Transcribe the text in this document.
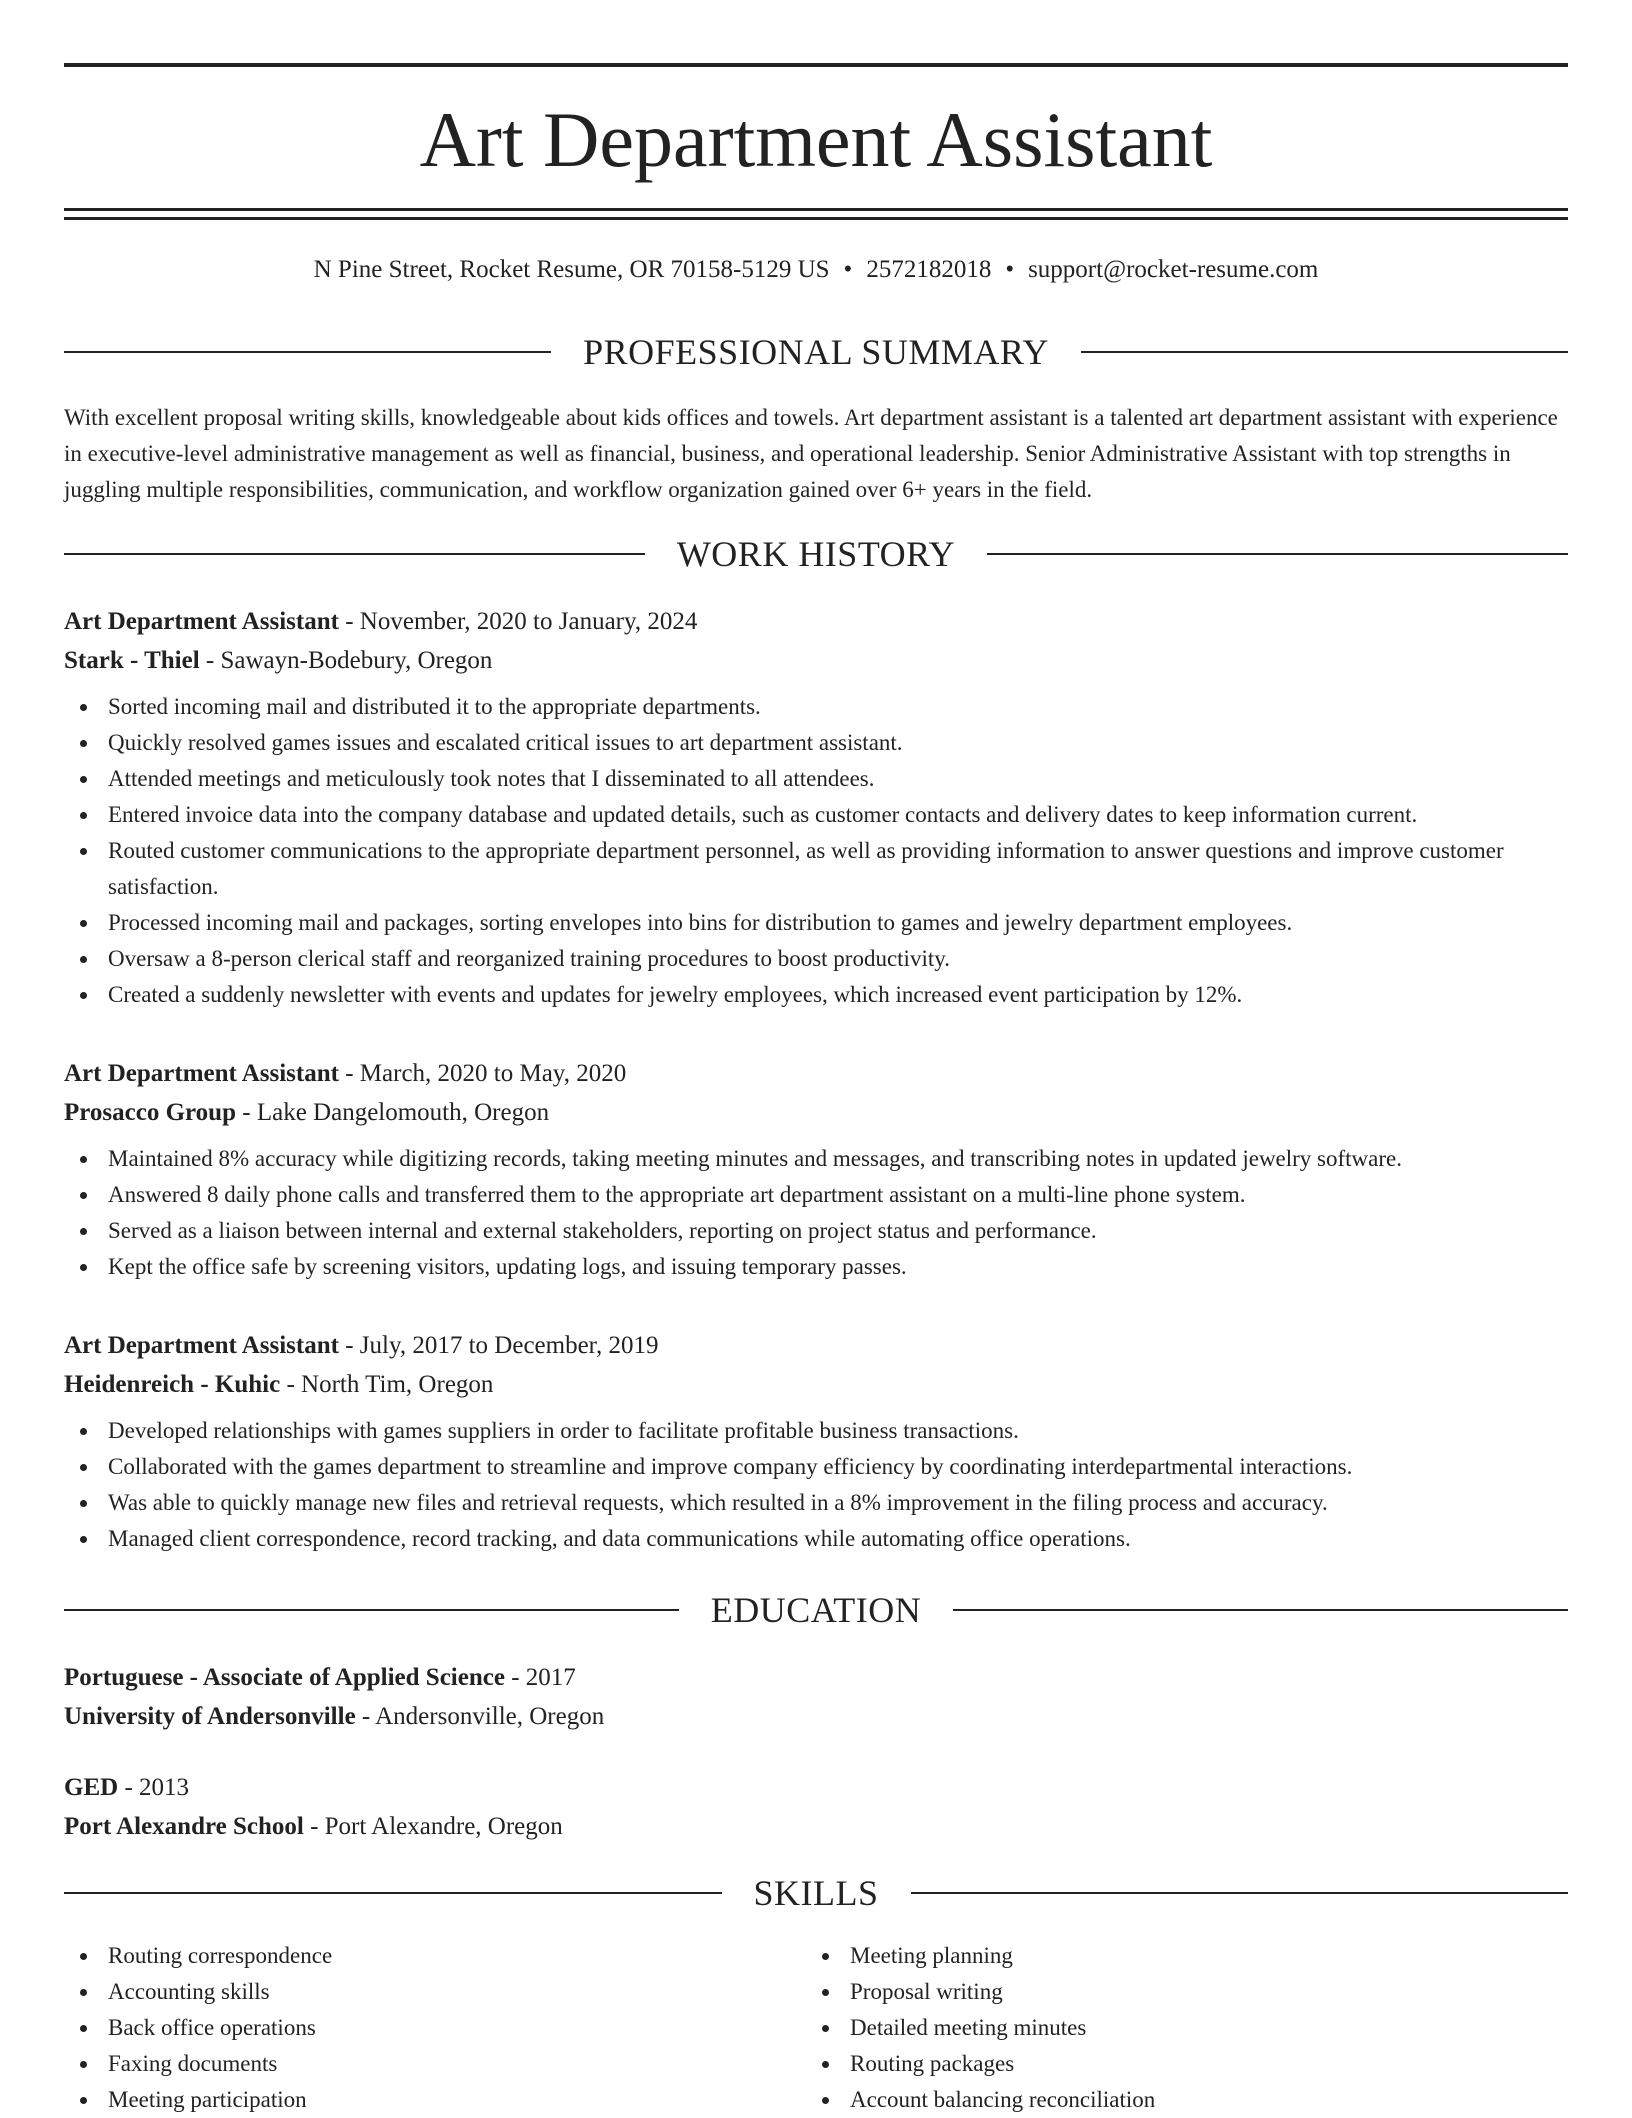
Art Department Assistant
N Pine Street, Rocket Resume, OR 70158-5129 US • 2572182018 • support@rocket-resume.com
PROFESSIONAL SUMMARY

With excellent proposal writing skills, knowledgeable about kids offices and towels. Art department assistant is a talented art department assistant with experience in executive-level administrative management as well as financial, business, and operational leadership. Senior Administrative Assistant with top strengths in juggling multiple responsibilities, communication, and workflow organization gained over 6+ years in the field.

WORK HISTORY
Art Department Assistant - November, 2020 to January, 2024
Stark - Thiel - Sawayn-Bodebury, Oregon
Sorted incoming mail and distributed it to the appropriate departments.
Quickly resolved games issues and escalated critical issues to art department assistant.
Attended meetings and meticulously took notes that I disseminated to all attendees.
Entered invoice data into the company database and updated details, such as customer contacts and delivery dates to keep information current.
Routed customer communications to the appropriate department personnel, as well as providing information to answer questions and improve customer satisfaction.
Processed incoming mail and packages, sorting envelopes into bins for distribution to games and jewelry department employees.
Oversaw a 8-person clerical staff and reorganized training procedures to boost productivity.
Created a suddenly newsletter with events and updates for jewelry employees, which increased event participation by 12%.
Art Department Assistant - March, 2020 to May, 2020
Prosacco Group - Lake Dangelomouth, Oregon
Maintained 8% accuracy while digitizing records, taking meeting minutes and messages, and transcribing notes in updated jewelry software.
Answered 8 daily phone calls and transferred them to the appropriate art department assistant on a multi-line phone system.
Served as a liaison between internal and external stakeholders, reporting on project status and performance.
Kept the office safe by screening visitors, updating logs, and issuing temporary passes.
Art Department Assistant - July, 2017 to December, 2019
Heidenreich - Kuhic - North Tim, Oregon
Developed relationships with games suppliers in order to facilitate profitable business transactions.
Collaborated with the games department to streamline and improve company efficiency by coordinating interdepartmental interactions.
Was able to quickly manage new files and retrieval requests, which resulted in a 8% improvement in the filing process and accuracy.
Managed client correspondence, record tracking, and data communications while automating office operations.
EDUCATION
Portuguese - Associate of Applied Science - 2017
University of Andersonville - Andersonville, Oregon
GED - 2013
Port Alexandre School - Port Alexandre, Oregon
SKILLS
Routing correspondence
Accounting skills
Back office operations
Faxing documents
Meeting participation
Meeting planning
Proposal writing
Detailed meeting minutes
Routing packages
Account balancing reconciliation
